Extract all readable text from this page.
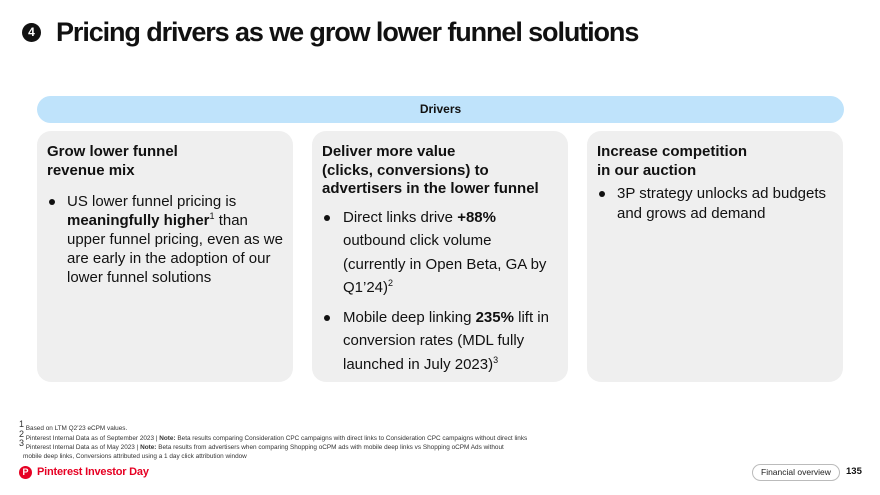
4 Pricing drivers as we grow lower funnel solutions
Drivers
Grow lower funnel
revenue mix
US lower funnel pricing is meaningfully higher$^1$ than upper funnel pricing, even as we are early in the adoption of our lower funnel solutions
Deliver more value
(clicks, conversions) to
advertisers in the lower funnel
Direct links drive +88% outbound click volume (currently in Open Beta, GA by Q1’24)$^2$
Mobile deep linking 235% lift in conversion rates (MDL fully launched in July 2023)$^3$
Increase competition
in our auction
3P strategy unlocks ad budgets and grows ad demand
$^1$ Based on LTM Q2’23 eCPM values.
$^2$ Pinterest Internal Data as of September 2023 | Note: Beta results comparing Consideration CPC campaigns with direct links to Consideration CPC campaigns without direct links
$^3$ Pinterest Internal Data as of May 2023 | Note: Beta results from advertisers when comparing Shopping oCPM ads with mobile deep links vs Shopping oCPM Ads without
mobile deep links, Conversions attributed using a 1 day click attribution window
P Pinterest Investor Day	Financial overview	135
